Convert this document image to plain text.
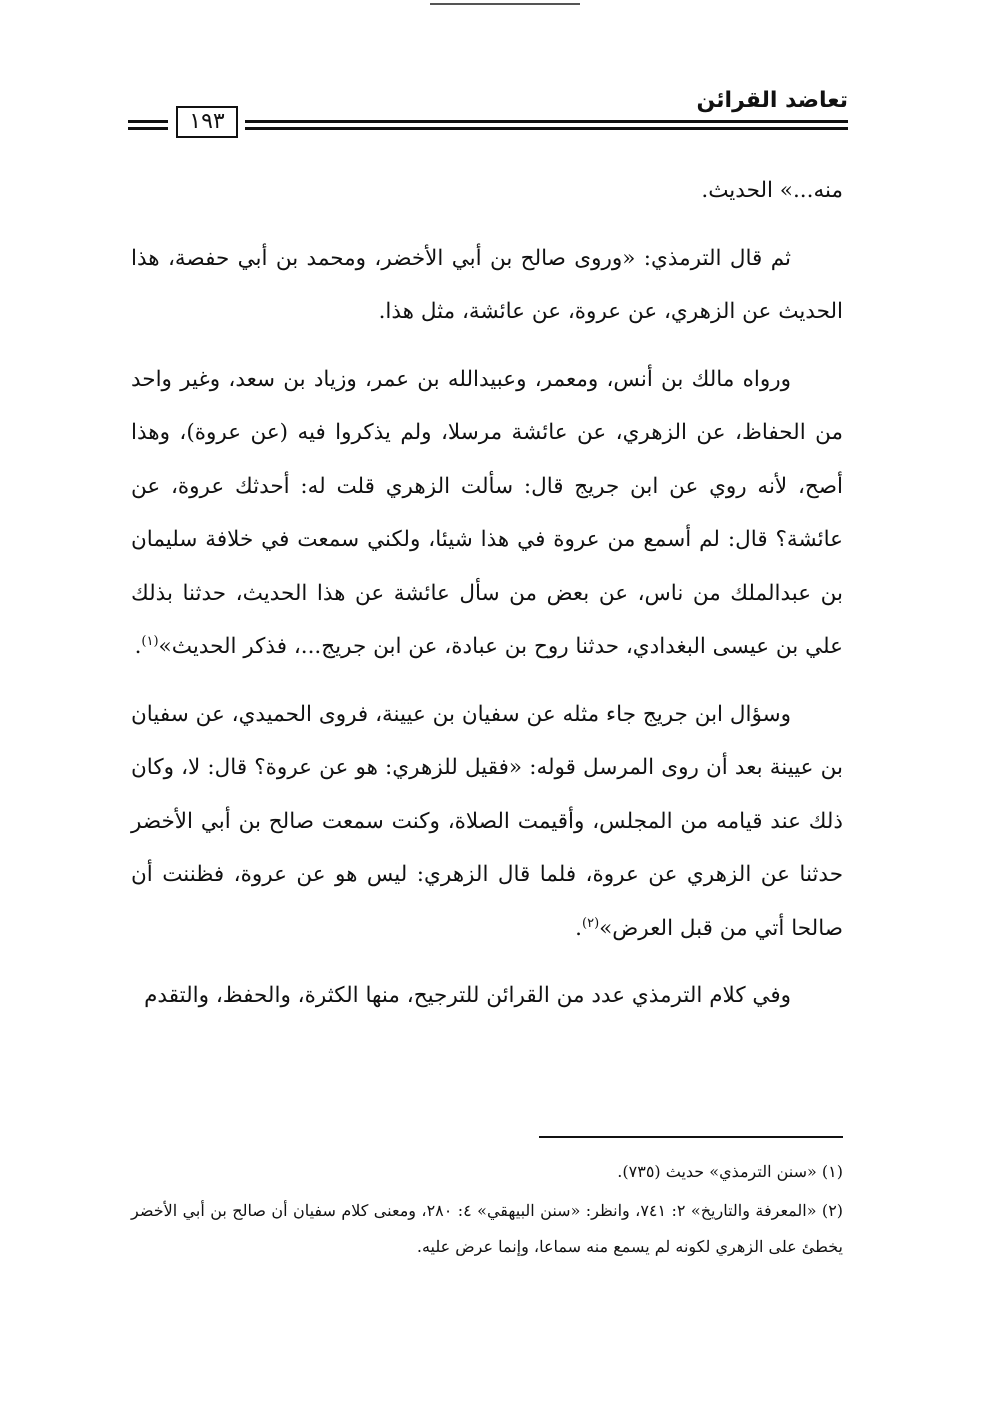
تعاضد القرائن
١٩٣

منه...» الحديث.

ثم قال الترمذي: «وروى صالح بن أبي الأخضر، ومحمد بن أبي حفصة، هذا الحديث عن الزهري، عن عروة، عن عائشة، مثل هذا.

ورواه مالك بن أنس، ومعمر، وعبيدالله بن عمر، وزياد بن سعد، وغير واحد من الحفاظ، عن الزهري، عن عائشة مرسلا، ولم يذكروا فيه (عن عروة)، وهذا أصح، لأنه روي عن ابن جريج قال: سألت الزهري قلت له: أحدثك عروة، عن عائشة؟ قال: لم أسمع من عروة في هذا شيئا، ولكني سمعت في خلافة سليمان بن عبدالملك من ناس، عن بعض من سأل عائشة عن هذا الحديث، حدثنا بذلك علي بن عيسى البغدادي، حدثنا روح بن عبادة، عن ابن جريج...، فذكر الحديث»$^{(١)}$.

وسؤال ابن جريج جاء مثله عن سفيان بن عيينة، فروى الحميدي، عن سفيان بن عيينة بعد أن روى المرسل قوله: «فقيل للزهري: هو عن عروة؟ قال: لا، وكان ذلك عند قيامه من المجلس، وأقيمت الصلاة، وكنت سمعت صالح بن أبي الأخضر حدثنا عن الزهري عن عروة، فلما قال الزهري: ليس هو عن عروة، فظننت أن صالحا أتي من قبل العرض»$^{(٢)}$.

وفي كلام الترمذي عدد من القرائن للترجيح، منها الكثرة، والحفظ، والتقدم

(١) «سنن الترمذي» حديث (٧٣٥).

(٢) «المعرفة والتاريخ» ٢: ٧٤١، وانظر: «سنن البيهقي» ٤: ٢٨٠، ومعنى كلام سفيان أن صالح بن أبي الأخضر يخطئ على الزهري لكونه لم يسمع منه سماعا، وإنما عرض عليه.
